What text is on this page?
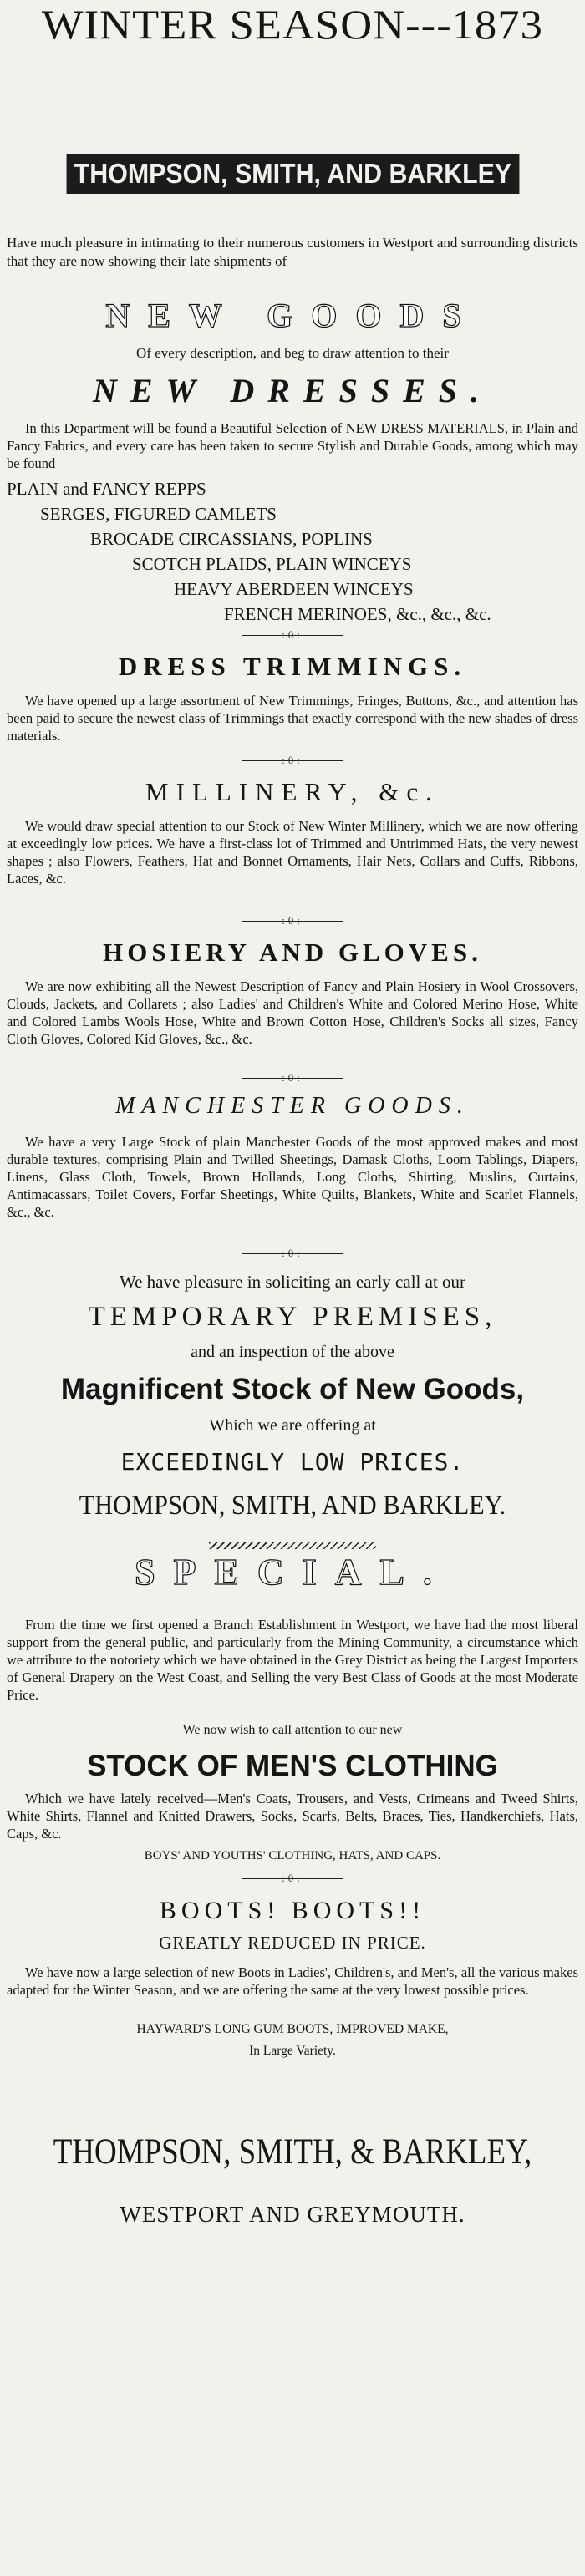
· · · · · · · · · · ·
WINTER SEASON---1873
THOMPSON, SMITH, AND BARKLEY

Have much pleasure in intimating to their numerous customers in Westport and surrounding districts that they are now showing their late shipments of

NEW GOODS

Of every description, and beg to draw attention to their

NEW DRESSES.

In this Department will be found a Beautiful Selection of NEW DRESS MATERIALS, in Plain and Fancy Fabrics, and every care has been taken to secure Stylish and Durable Goods, among which may be found

PLAIN and FANCY REPPS
SERGES, FIGURED CAMLETS
BROCADE CIRCASSIANS, POPLINS
SCOTCH PLAIDS, PLAIN WINCEYS
HEAVY ABERDEEN WINCEYS
FRENCH MERINOES, &c., &c., &c.
:0:
DRESS TRIMMINGS.

We have opened up a large assortment of New Trimmings, Fringes, Buttons, &c., and attention has been paid to secure the newest class of Trimmings that exactly correspond with the new shades of dress materials.

:0:
MILLINERY, &c.

We would draw special attention to our Stock of New Winter Millinery, which we are now offering at exceedingly low prices. We have a first-class lot of Trimmed and Untrimmed Hats, the very newest shapes ; also Flowers, Feathers, Hat and Bonnet Ornaments, Hair Nets, Collars and Cuffs, Ribbons, Laces, &c.

:0:
HOSIERY AND GLOVES.

We are now exhibiting all the Newest Description of Fancy and Plain Hosiery in Wool Crossovers, Clouds, Jackets, and Collarets ; also Ladies' and Children's White and Colored Merino Hose, White and Colored Lambs Wools Hose, White and Brown Cotton Hose, Children's Socks all sizes, Fancy Cloth Gloves, Colored Kid Gloves, &c., &c.

:0:
MANCHESTER GOODS.

We have a very Large Stock of plain Manchester Goods of the most approved makes and most durable textures, comprising Plain and Twilled Sheetings, Damask Cloths, Loom Tablings, Diapers, Linens, Glass Cloth, Towels, Brown Hollands, Long Cloths, Shirting, Muslins, Curtains, Antimacassars, Toilet Covers, Forfar Sheetings, White Quilts, Blankets, White and Scarlet Flannels, &c., &c.

:0:
We have pleasure in soliciting an early call at our
TEMPORARY PREMISES,
and an inspection of the above
Magnificent Stock of New Goods,
Which we are offering at
EXCEEDINGLY LOW PRICES.
THOMPSON, SMITH, AND BARKLEY.
SPECIAL.

From the time we first opened a Branch Establishment in Westport, we have had the most liberal support from the general public, and particularly from the Mining Community, a circumstance which we attribute to the notoriety which we have obtained in the Grey District as being the Largest Importers of General Drapery on the West Coast, and Selling the very Best Class of Goods at the most Moderate Price.

We now wish to call attention to our new
STOCK OF MEN'S CLOTHING

Which we have lately received—Men's Coats, Trousers, and Vests, Crimeans and Tweed Shirts, White Shirts, Flannel and Knitted Drawers, Socks, Scarfs, Belts, Braces, Ties, Handkerchiefs, Hats, Caps, &c.

BOYS' AND YOUTHS' CLOTHING, HATS, AND CAPS.
:0:
BOOTS! BOOTS!!
GREATLY REDUCED IN PRICE.

We have now a large selection of new Boots in Ladies', Children's, and Men's, all the various makes adapted for the Winter Season, and we are offering the same at the very lowest possible prices.

HAYWARD'S LONG GUM BOOTS, IMPROVED MAKE,
In Large Variety.
THOMPSON, SMITH, & BARKLEY,
WESTPORT AND GREYMOUTH.
